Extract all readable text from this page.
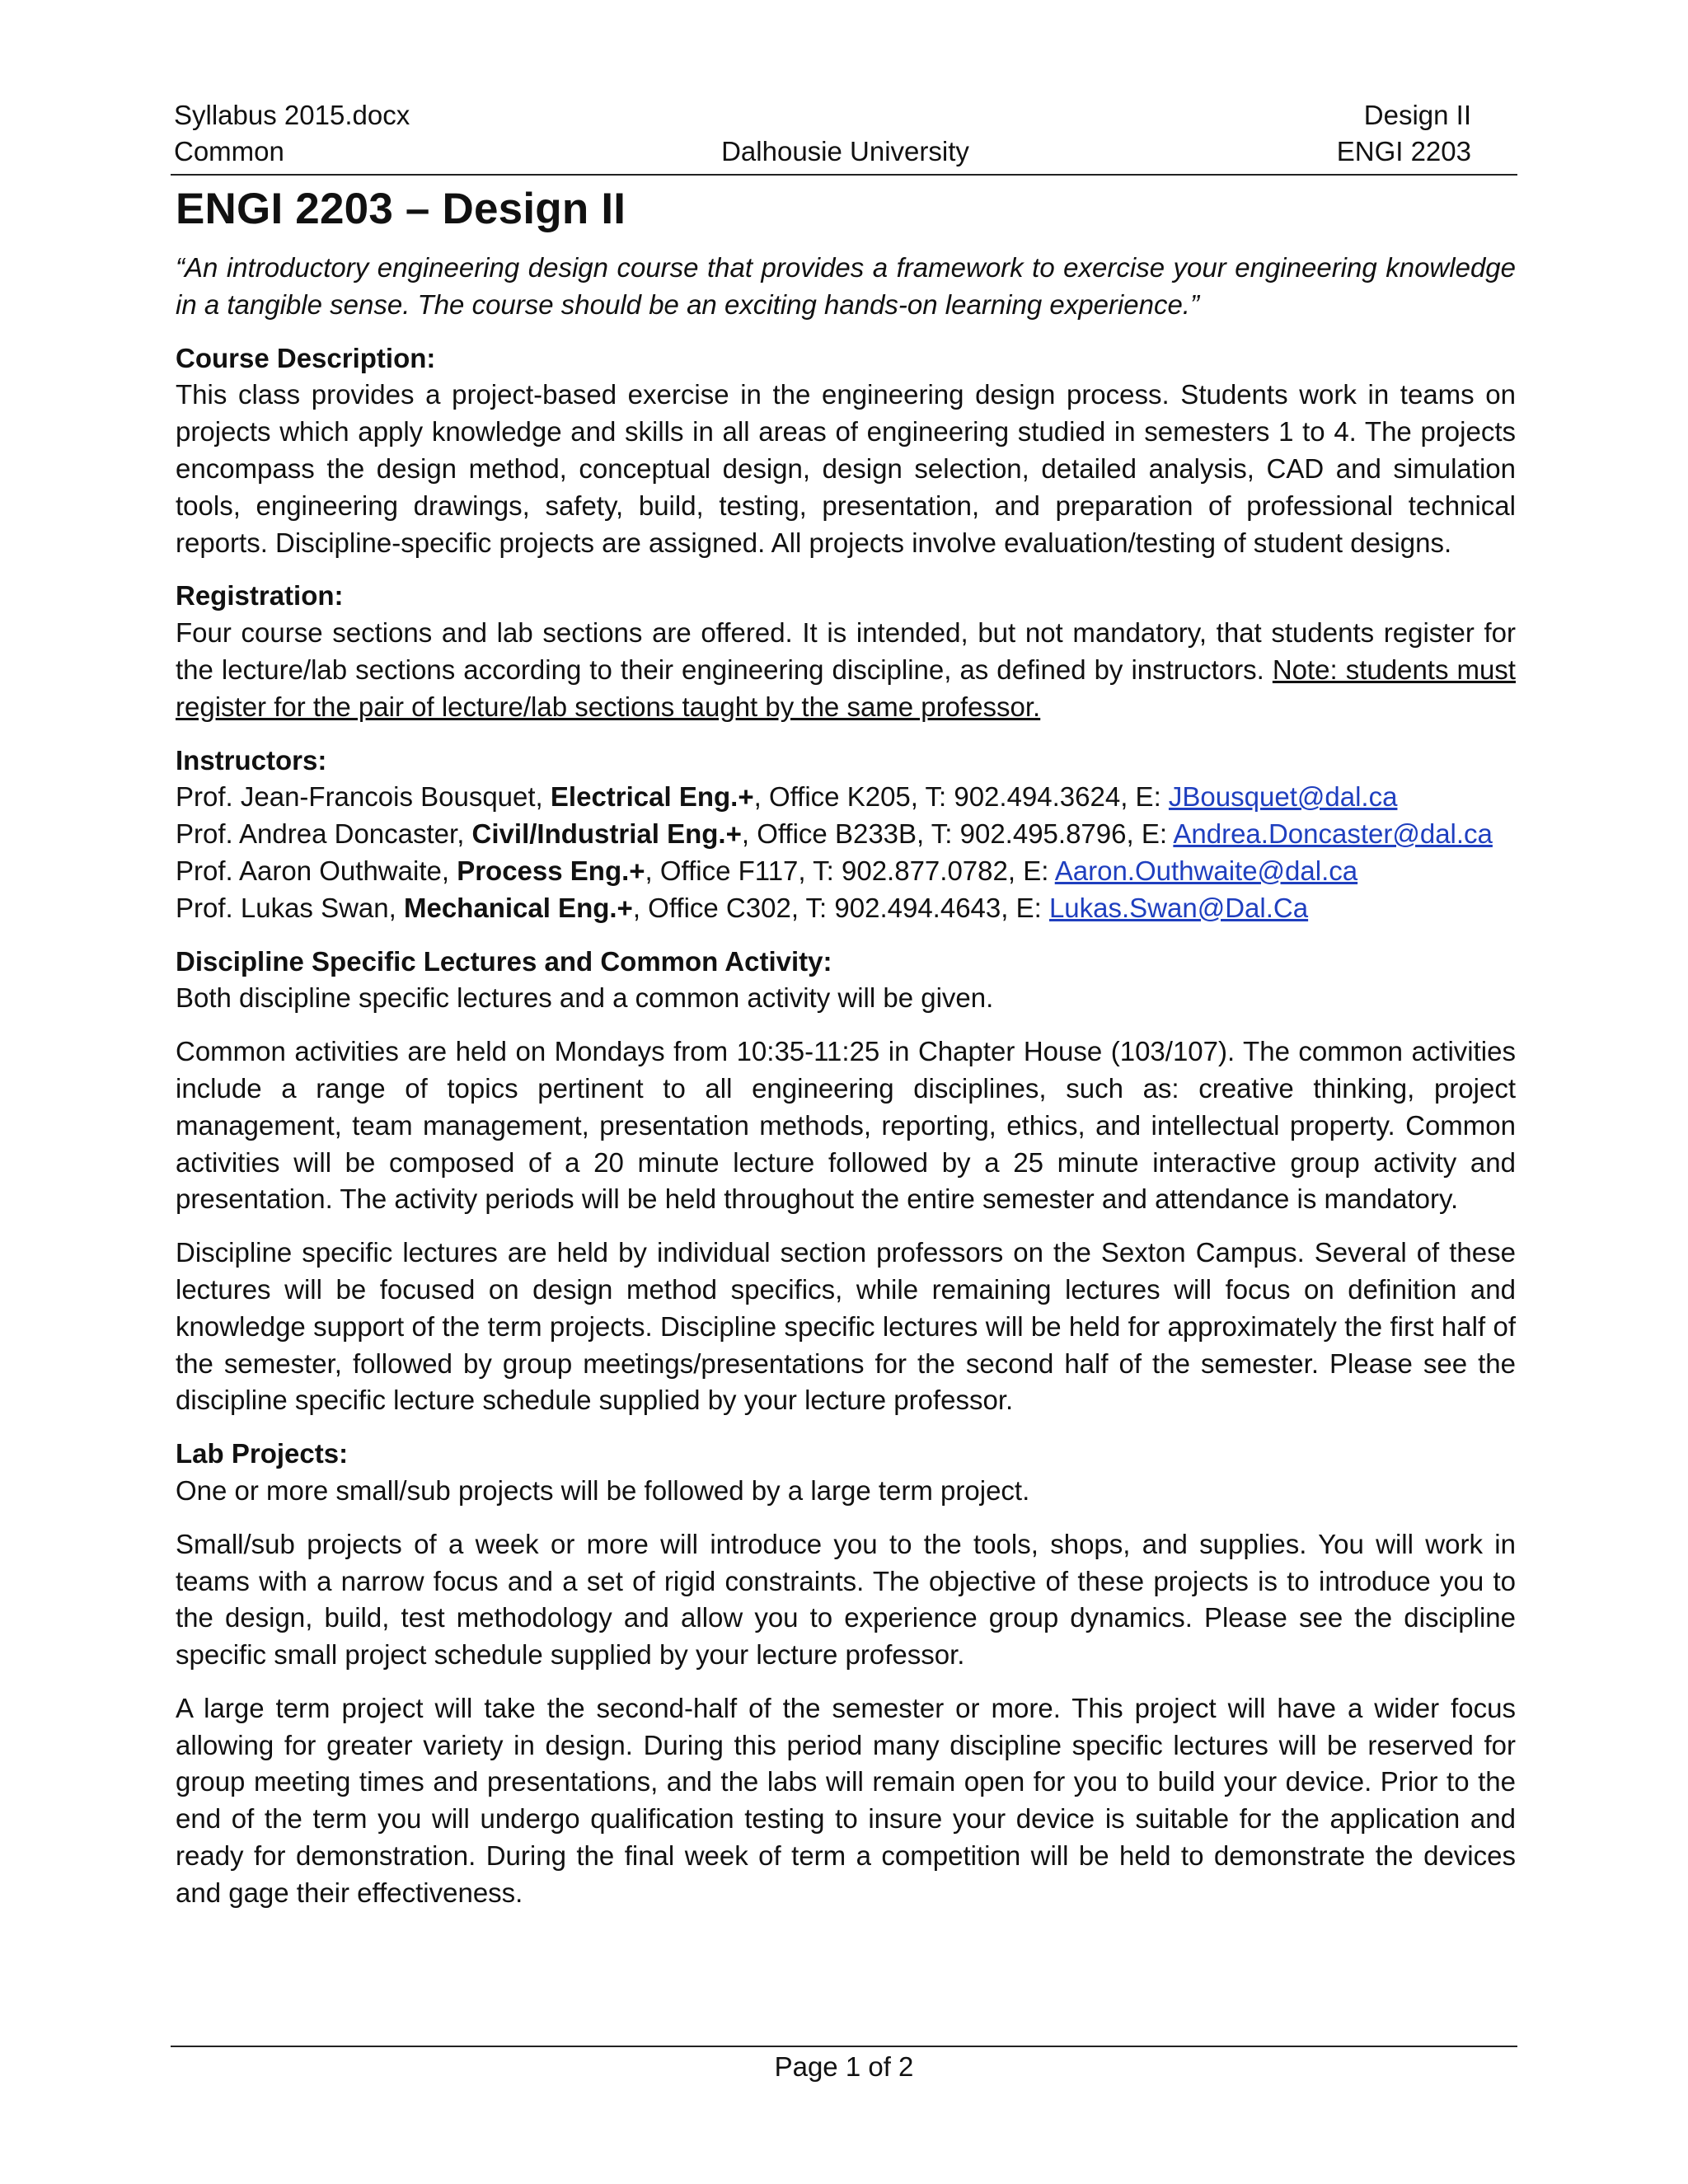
Syllabus 2015.docx	Design II
Common	Dalhousie University	ENGI 2203
ENGI 2203 – Design II

“An introductory engineering design course that provides a framework to exercise your engineering knowledge in a tangible sense. The course should be an exciting hands-on learning experience.”

Course Description:

This class provides a project-based exercise in the engineering design process. Students work in teams on projects which apply knowledge and skills in all areas of engineering studied in semesters 1 to 4. The projects encompass the design method, conceptual design, design selection, detailed analysis, CAD and simulation tools, engineering drawings, safety, build, testing, presentation, and preparation of professional technical reports. Discipline-specific projects are assigned. All projects involve evaluation/testing of student designs.

Registration:

Four course sections and lab sections are offered. It is intended, but not mandatory, that students register for the lecture/lab sections according to their engineering discipline, as defined by instructors. Note: students must register for the pair of lecture/lab sections taught by the same professor.

Instructors:

Prof. Jean-Francois Bousquet, Electrical Eng.+, Office K205, T: 902.494.3624, E: JBousquet@dal.ca

Prof. Andrea Doncaster, Civil/Industrial Eng.+, Office B233B, T: 902.495.8796, E: Andrea.Doncaster@dal.ca

Prof. Aaron Outhwaite, Process Eng.+, Office F117, T: 902.877.0782, E: Aaron.Outhwaite@dal.ca

Prof. Lukas Swan, Mechanical Eng.+, Office C302, T: 902.494.4643, E: Lukas.Swan@Dal.Ca

Discipline Specific Lectures and Common Activity:

Both discipline specific lectures and a common activity will be given.

Common activities are held on Mondays from 10:35-11:25 in Chapter House (103/107). The common activities include a range of topics pertinent to all engineering disciplines, such as: creative thinking, project management, team management, presentation methods, reporting, ethics, and intellectual property. Common activities will be composed of a 20 minute lecture followed by a 25 minute interactive group activity and presentation. The activity periods will be held throughout the entire semester and attendance is mandatory.

Discipline specific lectures are held by individual section professors on the Sexton Campus. Several of these lectures will be focused on design method specifics, while remaining lectures will focus on definition and knowledge support of the term projects. Discipline specific lectures will be held for approximately the first half of the semester, followed by group meetings/presentations for the second half of the semester. Please see the discipline specific lecture schedule supplied by your lecture professor.

Lab Projects:

One or more small/sub projects will be followed by a large term project.

Small/sub projects of a week or more will introduce you to the tools, shops, and supplies. You will work in teams with a narrow focus and a set of rigid constraints. The objective of these projects is to introduce you to the design, build, test methodology and allow you to experience group dynamics. Please see the discipline specific small project schedule supplied by your lecture professor.

A large term project will take the second-half of the semester or more. This project will have a wider focus allowing for greater variety in design. During this period many discipline specific lectures will be reserved for group meeting times and presentations, and the labs will remain open for you to build your device. Prior to the end of the term you will undergo qualification testing to insure your device is suitable for the application and ready for demonstration. During the final week of term a competition will be held to demonstrate the devices and gage their effectiveness.

Page 1 of 2
